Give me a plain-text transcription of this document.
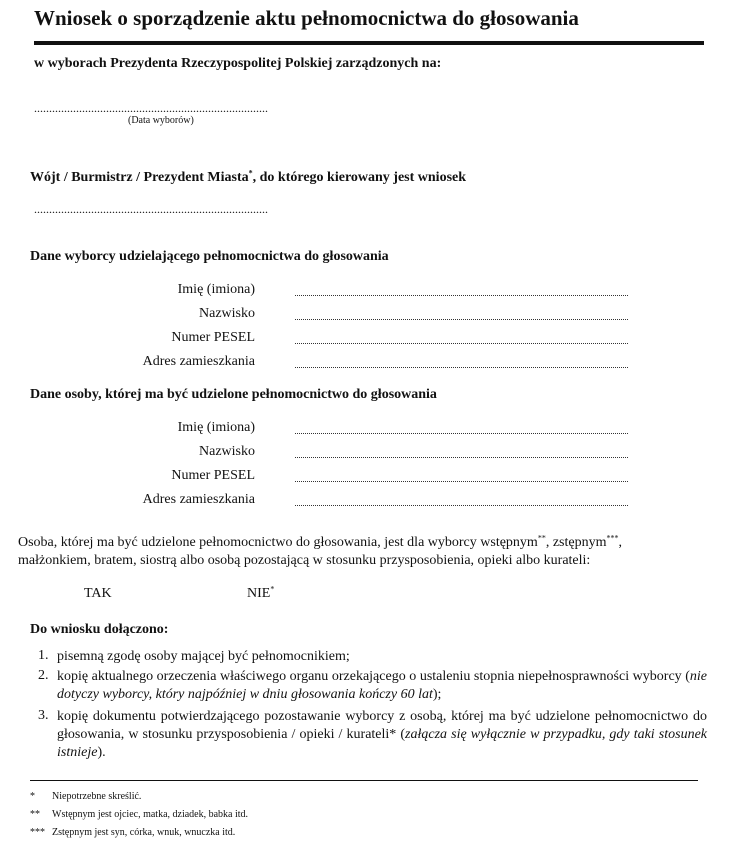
Wniosek o sporządzenie aktu pełnomocnictwa do głosowania
w wyborach Prezydenta Rzeczypospolitej Polskiej zarządzonych na:
..............................................................................
(Data wyborów)
Wójt / Burmistrz / Prezydent Miasta*, do którego kierowany jest wniosek
..............................................................................
Dane wyborcy udzielającego pełnomocnictwa do głosowania
Imię (imiona)
Nazwisko
Numer PESEL
Adres zamieszkania
Dane osoby, której ma być udzielone pełnomocnictwo do głosowania
Imię (imiona)
Nazwisko
Numer PESEL
Adres zamieszkania
Osoba, której ma być udzielone pełnomocnictwo do głosowania, jest dla wyborcy wstępnym**, zstępnym***,
małżonkiem, bratem, siostrą albo osobą pozostającą w stosunku przysposobienia, opieki albo kurateli:
TAK	NIE*
Do wniosku dołączono:
1. pisemną zgodę osoby mającej być pełnomocnikiem;
2. kopię aktualnego orzeczenia właściwego organu orzekającego o ustaleniu stopnia niepełnosprawności wyborcy (nie dotyczy wyborcy, który najpóźniej w dniu głosowania kończy 60 lat);
3. kopię dokumentu potwierdzającego pozostawanie wyborcy z osobą, której ma być udzielone pełnomocnictwo do głosowania, w stosunku przysposobienia / opieki / kurateli* (załącza się wyłącznie w przypadku, gdy taki stosunek istnieje).
* Niepotrzebne skreślić.
** Wstępnym jest ojciec, matka, dziadek, babka itd.
*** Zstępnym jest syn, córka, wnuk, wnuczka itd.
